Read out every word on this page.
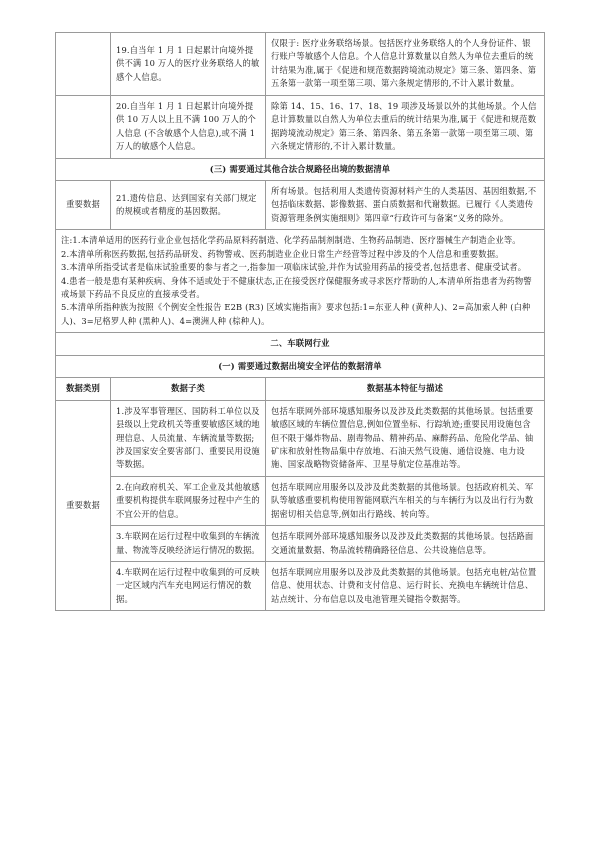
	19.自当年 1 月 1 日起累计向境外提供不满 10 万人的医疗业务联络人的敏感个人信息。	仅限于: 医疗业务联络场景。包括医疗业务联络人的个人身份证件、银行账户等敏感个人信息。个人信息计算数量以自然人为单位去重后的统计结果为准,属于《促进和规范数据跨境流动规定》第三条、第四条、第五条第一款第一项至第三项、第六条规定情形的,不计入累计数量。
	20.自当年 1 月 1 日起累计向境外提供 10 万人以上且不满 100 万人的个人信息 (不含敏感个人信息),或不满 1 万人的敏感个人信息。	除第 14、15、16、17、18、19 项涉及场景以外的其他场景。个人信息计算数量以自然人为单位去重后的统计结果为准,属于《促进和规范数据跨境流动规定》第三条、第四条、第五条第一款第一项至第三项、第六条规定情形的,不计入累计数量。
(三) 需要通过其他合法合规路径出境的数据清单		
重要数据	21.遗传信息、达到国家有关部门规定的规模或者精度的基因数据。	所有场景。包括利用人类遗传资源材料产生的人类基因、基因组数据,不包括临床数据、影像数据、蛋白质数据和代谢数据。已履行《人类遗传资源管理条例实施细则》第四章“行政许可与备案”义务的除外。

注:1.本清单适用的医药行业企业包括化学药品原料药制造、化学药品制剂制造、生物药品制造、医疗器械生产制造企业等。

2.本清单所称医药数据,包括药品研发、药物警戒、医药制造业企业日常生产经营等过程中涉及的个人信息和重要数据。

3.本清单所指受试者是临床试验重要的参与者之一,指参加一项临床试验,并作为试验用药品的接受者,包括患者、健康受试者。

4.患者一般是患有某种疾病、身体不适或处于不健康状态,正在接受医疗保健服务或寻求医疗帮助的人,本清单所指患者为药物警戒场景下药品不良反应的直接承受者。

5.本清单所指种族为按照《个例安全性报告 E2B (R3) 区域实施指南》要求包括:1=东亚人种 (黄种人)、2=高加索人种 (白种人)、3=尼格罗人种 (黑种人)、4=澳洲人种 (棕种人)。		

二、车联网行业		
(一) 需要通过数据出境安全评估的数据清单		
数据类别	数据子类	数据基本特征与描述
重要数据	1.涉及军事管理区、国防科工单位以及县级以上党政机关等重要敏感区域的地理信息、人员流量、车辆流量等数据;涉及国家安全要害部门、重要民用设施等数据。	包括车联网外部环境感知服务以及涉及此类数据的其他场景。包括重要敏感区域的车辆位置信息,例如位置坐标、行踪轨迹;重要民用设施包含但不限于爆炸物品、剧毒物品、精神药品、麻醉药品、危险化学品、铀矿床和放射性物品集中存放地、石油天然气设施、通信设施、电力设施、国家战略物资储备库、卫星导航定位基准站等。
	2.在向政府机关、军工企业及其他敏感重要机构提供车联网服务过程中产生的不宜公开的信息。	包括车联网应用服务以及涉及此类数据的其他场景。包括政府机关、军队等敏感重要机构使用智能网联汽车相关的与车辆行为以及出行行为数据密切相关信息等,例如出行路线、转向等。
	3.车联网在运行过程中收集到的车辆流量、物流等反映经济运行情况的数据。	包括车联网外部环境感知服务以及涉及此类数据的其他场景。包括路面交通流量数据、物品流转精确路径信息、公共设施信息等。
	4.车联网在运行过程中收集到的可反映一定区域内汽车充电网运行情况的数据。	包括车联网应用服务以及涉及此类数据的其他场景。包括充电桩/站位置信息、使用状态、计费和支付信息、运行时长、充换电车辆统计信息、站点统计、分布信息以及电池管理关键指令数据等。
